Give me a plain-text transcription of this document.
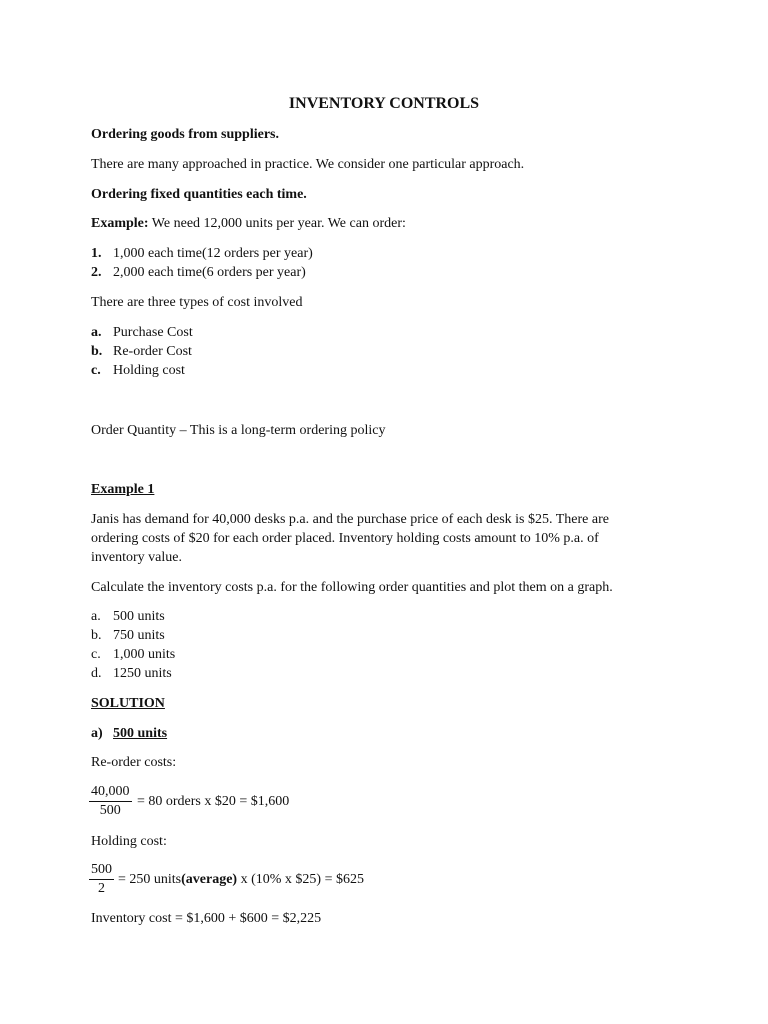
INVENTORY CONTROLS
Ordering goods from suppliers.
There are many approached in practice. We consider one particular approach.
Ordering fixed quantities each time.
Example: We need 12,000 units per year. We can order:
1. 1,000 each time(12 orders per year)
2. 2,000 each time(6 orders per year)
There are three types of cost involved
a. Purchase Cost
b. Re-order Cost
c. Holding cost
Order Quantity – This is a long-term ordering policy
Example 1
Janis has demand for 40,000 desks p.a. and the purchase price of each desk is $25. There are
ordering costs of $20 for each order placed. Inventory holding costs amount to 10% p.a. of
inventory value.
Calculate the inventory costs p.a. for the following order quantities and plot them on a graph.
a. 500 units
b. 750 units
c. 1,000 units
d. 1250 units
SOLUTION
a) 500 units
Re-order costs:
$\frac{40,000}{500} = 80$ orders x $20 = $1,600
Holding cost:
$\frac{500}{2} = 250$ units(average) x (10% x $25) = $625
Inventory cost = $1,600 + $600 = $2,225
